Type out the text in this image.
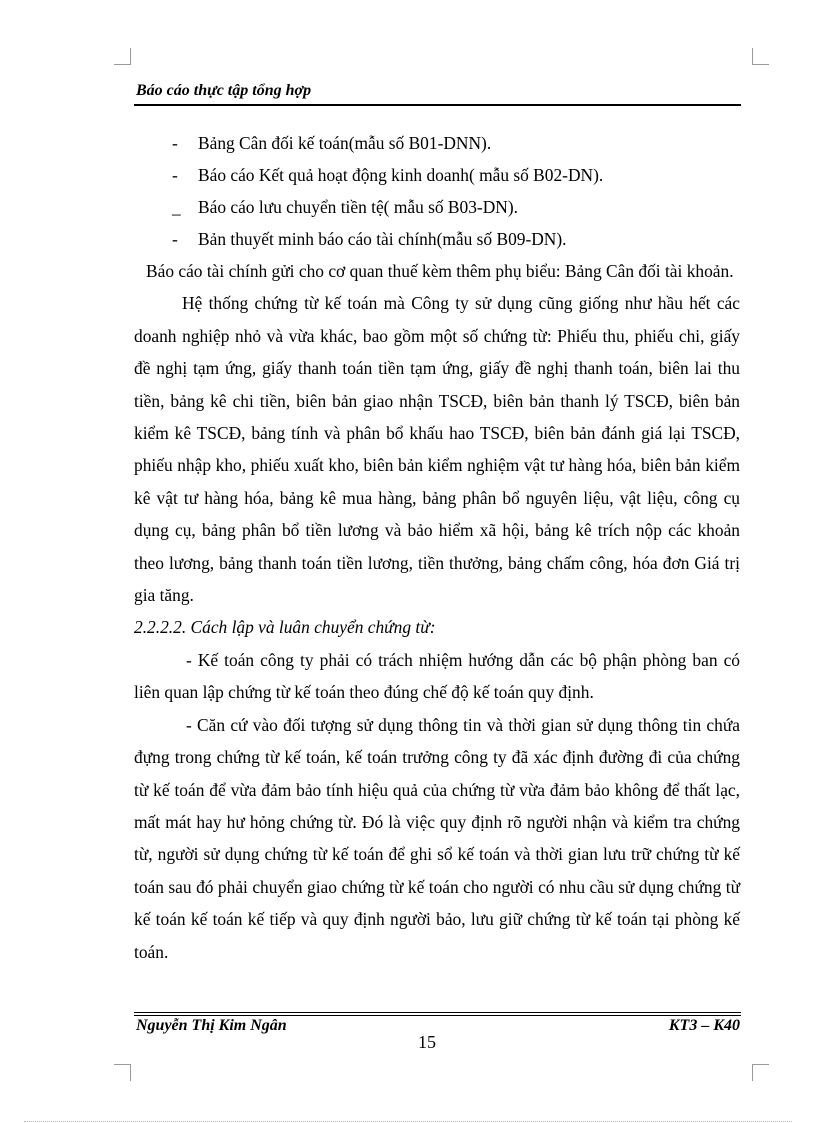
Báo cáo thực tập tổng hợp
- Bảng Cân đối kế toán(mẫu số B01-DNN).
- Báo cáo Kết quả hoạt động kinh doanh( mẫu số B02-DN).
_ Báo cáo lưu chuyển tiền tệ( mẫu số B03-DN).
- Bản thuyết minh báo cáo tài chính(mẫu số B09-DN).

Báo cáo tài chính gửi cho cơ quan thuế kèm thêm phụ biểu: Bảng Cân đối tài khoản.

Hệ thống chứng từ kế toán mà Công ty sử dụng cũng giống như hầu hết các doanh nghiệp nhỏ và vừa khác, bao gồm một số chứng từ: Phiếu thu, phiếu chi, giấy đề nghị tạm ứng, giấy thanh toán tiền tạm ứng, giấy đề nghị thanh toán, biên lai thu tiền, bảng kê chi tiền, biên bản giao nhận TSCĐ, biên bản thanh lý TSCĐ, biên bản kiểm kê TSCĐ, bảng tính và phân bổ khấu hao TSCĐ, biên bản đánh giá lại TSCĐ, phiếu nhập kho, phiếu xuất kho, biên bản kiểm nghiệm vật tư hàng hóa, biên bản kiểm kê vật tư hàng hóa, bảng kê mua hàng, bảng phân bổ nguyên liệu, vật liệu, công cụ dụng cụ, bảng phân bổ tiền lương và bảo hiểm xã hội, bảng kê trích nộp các khoản theo lương, bảng thanh toán tiền lương, tiền thưởng, bảng chấm công, hóa đơn Giá trị gia tăng.

2.2.2.2. Cách lập và luân chuyển chứng từ:

- Kế toán công ty phải có trách nhiệm hướng dẫn các bộ phận phòng ban có liên quan lập chứng từ kế toán theo đúng chế độ kế toán quy định.

- Căn cứ vào đối tượng sử dụng thông tin và thời gian sử dụng thông tin chứa đựng trong chứng từ kế toán, kế toán trưởng công ty đã xác định đường đi của chứng từ kế toán để vừa đảm bảo tính hiệu quả của chứng từ vừa đảm bảo không để thất lạc, mất mát hay hư hỏng chứng từ. Đó là việc quy định rõ người nhận và kiểm tra chứng từ, người sử dụng chứng từ kế toán để ghi sổ kế toán và thời gian lưu trữ chứng từ kế toán sau đó phải chuyển giao chứng từ kế toán cho người có nhu cầu sử dụng chứng từ kế toán kế toán kế tiếp và quy định người bảo, lưu giữ chứng từ kế toán tại phòng kế toán.

Nguyễn Thị Kim Ngân	KT3 – K40
15
